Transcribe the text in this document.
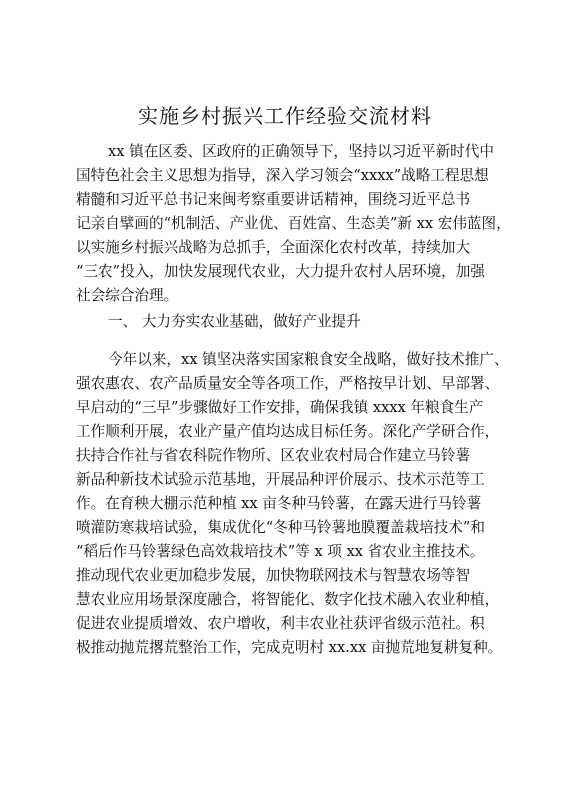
实施乡村振兴工作经验交流材料
xx 镇在区委、区政府的正确领导下，坚持以习近平新时代中
国特色社会主义思想为指导，深入学习领会“xxxx”战略工程思想
精髓和习近平总书记来闽考察重要讲话精神，围绕习近平总书
记亲自擘画的“机制活、产业优、百姓富、生态美”新 xx 宏伟蓝图，
以实施乡村振兴战略为总抓手，全面深化农村改革，持续加大
“三农”投入，加快发展现代农业，大力提升农村人居环境，加强
社会综合治理。
一、 大力夯实农业基础，做好产业提升
今年以来，xx 镇坚决落实国家粮食安全战略，做好技术推广、
强农惠农、农产品质量安全等各项工作，严格按早计划、早部署、
早启动的“三早”步骤做好工作安排，确保我镇 xxxx 年粮食生产
工作顺利开展，农业产量产值均达成目标任务。深化产学研合作，
扶持合作社与省农科院作物所、区农业农村局合作建立马铃薯
新品种新技术试验示范基地，开展品种评价展示、技术示范等工
作。在育秧大棚示范种植 xx 亩冬种马铃薯，在露天进行马铃薯
喷灌防寒栽培试验，集成优化“冬种马铃薯地膜覆盖栽培技术”和
“稻后作马铃薯绿色高效栽培技术”等 x 项 xx 省农业主推技术。
推动现代农业更加稳步发展，加快物联网技术与智慧农场等智
慧农业应用场景深度融合，将智能化、数字化技术融入农业种植，
促进农业提质增效、农户增收，利丰农业社获评省级示范社。积
极推动抛荒撂荒整治工作，完成克明村 xx.xx 亩抛荒地复耕复种。
